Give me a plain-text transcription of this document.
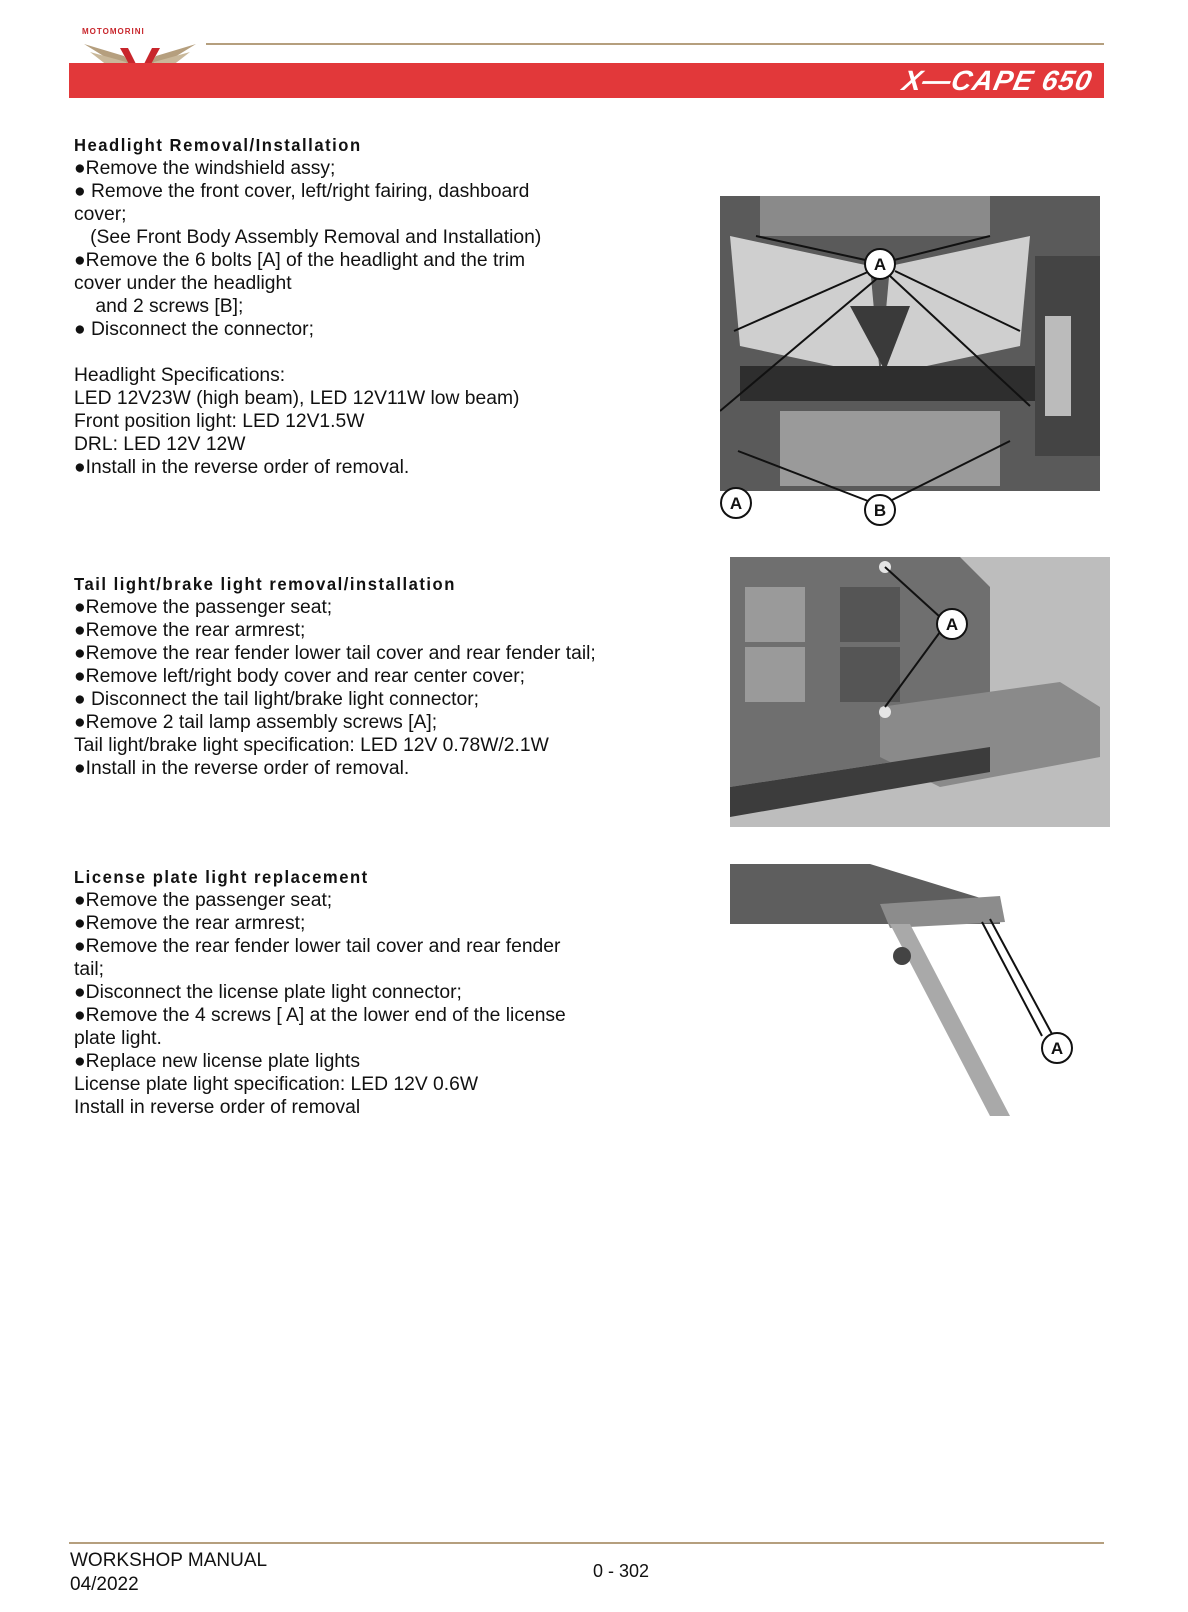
MOTOMORINI
X—CAPE 650

Headlight Removal/Installation

●Remove the windshield assy;

● Remove the front cover, left/right fairing, dashboard

cover;

(See Front Body Assembly Removal and Installation)

●Remove the 6 bolts [A] of the headlight and the trim

cover under the headlight

and 2 screws [B];

● Disconnect the connector;

Headlight Specifications:

LED 12V23W (high beam), LED 12V11W low beam)

Front position light: LED 12V1.5W

DRL: LED 12V 12W

●Install in the reverse order of removal.

A
A	B

Tail light/brake light removal/installation

●Remove the passenger seat;

●Remove the rear armrest;

●Remove the rear fender lower tail cover and rear fender tail;

●Remove left/right body cover and rear center cover;

● Disconnect the tail light/brake light connector;

●Remove 2 tail lamp assembly screws [A];

Tail light/brake light specification: LED 12V 0.78W/2.1W

●Install in the reverse order of removal.

A

License plate light replacement

●Remove the passenger seat;

●Remove the rear armrest;

●Remove the rear fender lower tail cover and rear fender

tail;

●Disconnect the license plate light connector;

●Remove the 4 screws [ A] at the lower end of the license

plate light.

●Replace new license plate lights

License plate light specification: LED 12V 0.6W

Install in reverse order of removal

A
WORKSHOP MANUAL
04/2022
0 - 302
